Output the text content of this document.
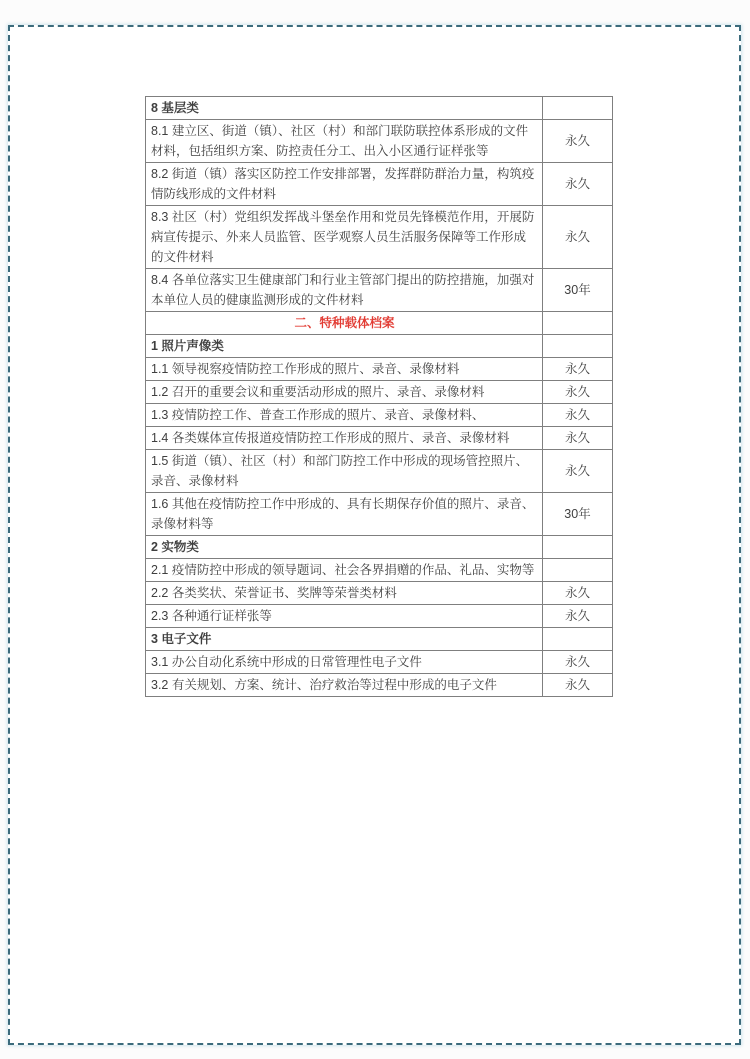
8 基层类	
8.1 建立区、街道（镇）、社区（村）和部门联防联控体系形成的文件材料，包括组织方案、防控责任分工、出入小区通行证样张等	永久
8.2 街道（镇）落实区防控工作安排部署，发挥群防群治力量，构筑疫情防线形成的文件材料	永久
8.3 社区（村）党组织发挥战斗堡垒作用和党员先锋模范作用，开展防病宣传提示、外来人员监管、医学观察人员生活服务保障等工作形成的文件材料	永久
8.4 各单位落实卫生健康部门和行业主管部门提出的防控措施，加强对本单位人员的健康监测形成的文件材料	30年
二、特种载体档案	
1 照片声像类	
1.1 领导视察疫情防控工作形成的照片、录音、录像材料	永久
1.2 召开的重要会议和重要活动形成的照片、录音、录像材料	永久
1.3 疫情防控工作、普查工作形成的照片、录音、录像材料、	永久
1.4 各类媒体宣传报道疫情防控工作形成的照片、录音、录像材料	永久
1.5 街道（镇）、社区（村）和部门防控工作中形成的现场管控照片、录音、录像材料	永久
1.6 其他在疫情防控工作中形成的、具有长期保存价值的照片、录音、录像材料等	30年
2 实物类	
2.1 疫情防控中形成的领导题词、社会各界捐赠的作品、礼品、实物等	
2.2 各类奖状、荣誉证书、奖牌等荣誉类材料	永久
2.3 各种通行证样张等	永久
3 电子文件	
3.1 办公自动化系统中形成的日常管理性电子文件	永久
3.2 有关规划、方案、统计、治疗救治等过程中形成的电子文件	永久
